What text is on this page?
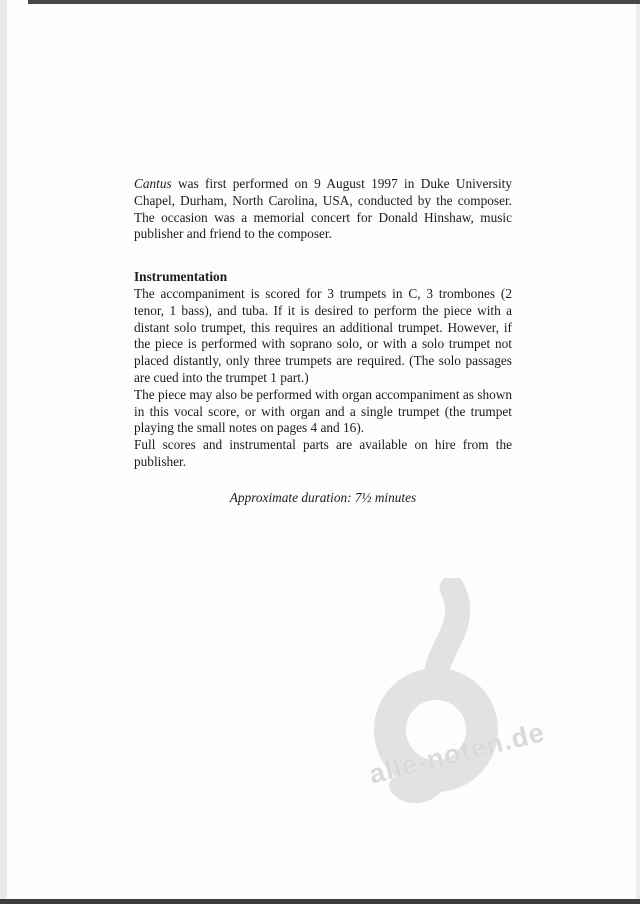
alle-noten.de

Cantus was first performed on 9 August 1997 in Duke University Chapel, Durham, North Carolina, USA, conducted by the composer. The occasion was a memorial concert for Donald Hinshaw, music publisher and friend to the composer.

Instrumentation

The accompaniment is scored for 3 trumpets in C, 3 trombones (2 tenor, 1 bass), and tuba. If it is desired to perform the piece with a distant solo trumpet, this requires an additional trumpet. However, if the piece is performed with soprano solo, or with a solo trumpet not placed distantly, only three trumpets are required. (The solo passages are cued into the trumpet 1 part.)

The piece may also be performed with organ accompaniment as shown in this vocal score, or with organ and a single trumpet (the trumpet playing the small notes on pages 4 and 16).

Full scores and instrumental parts are available on hire from the publisher.

Approximate duration: 7½ minutes
